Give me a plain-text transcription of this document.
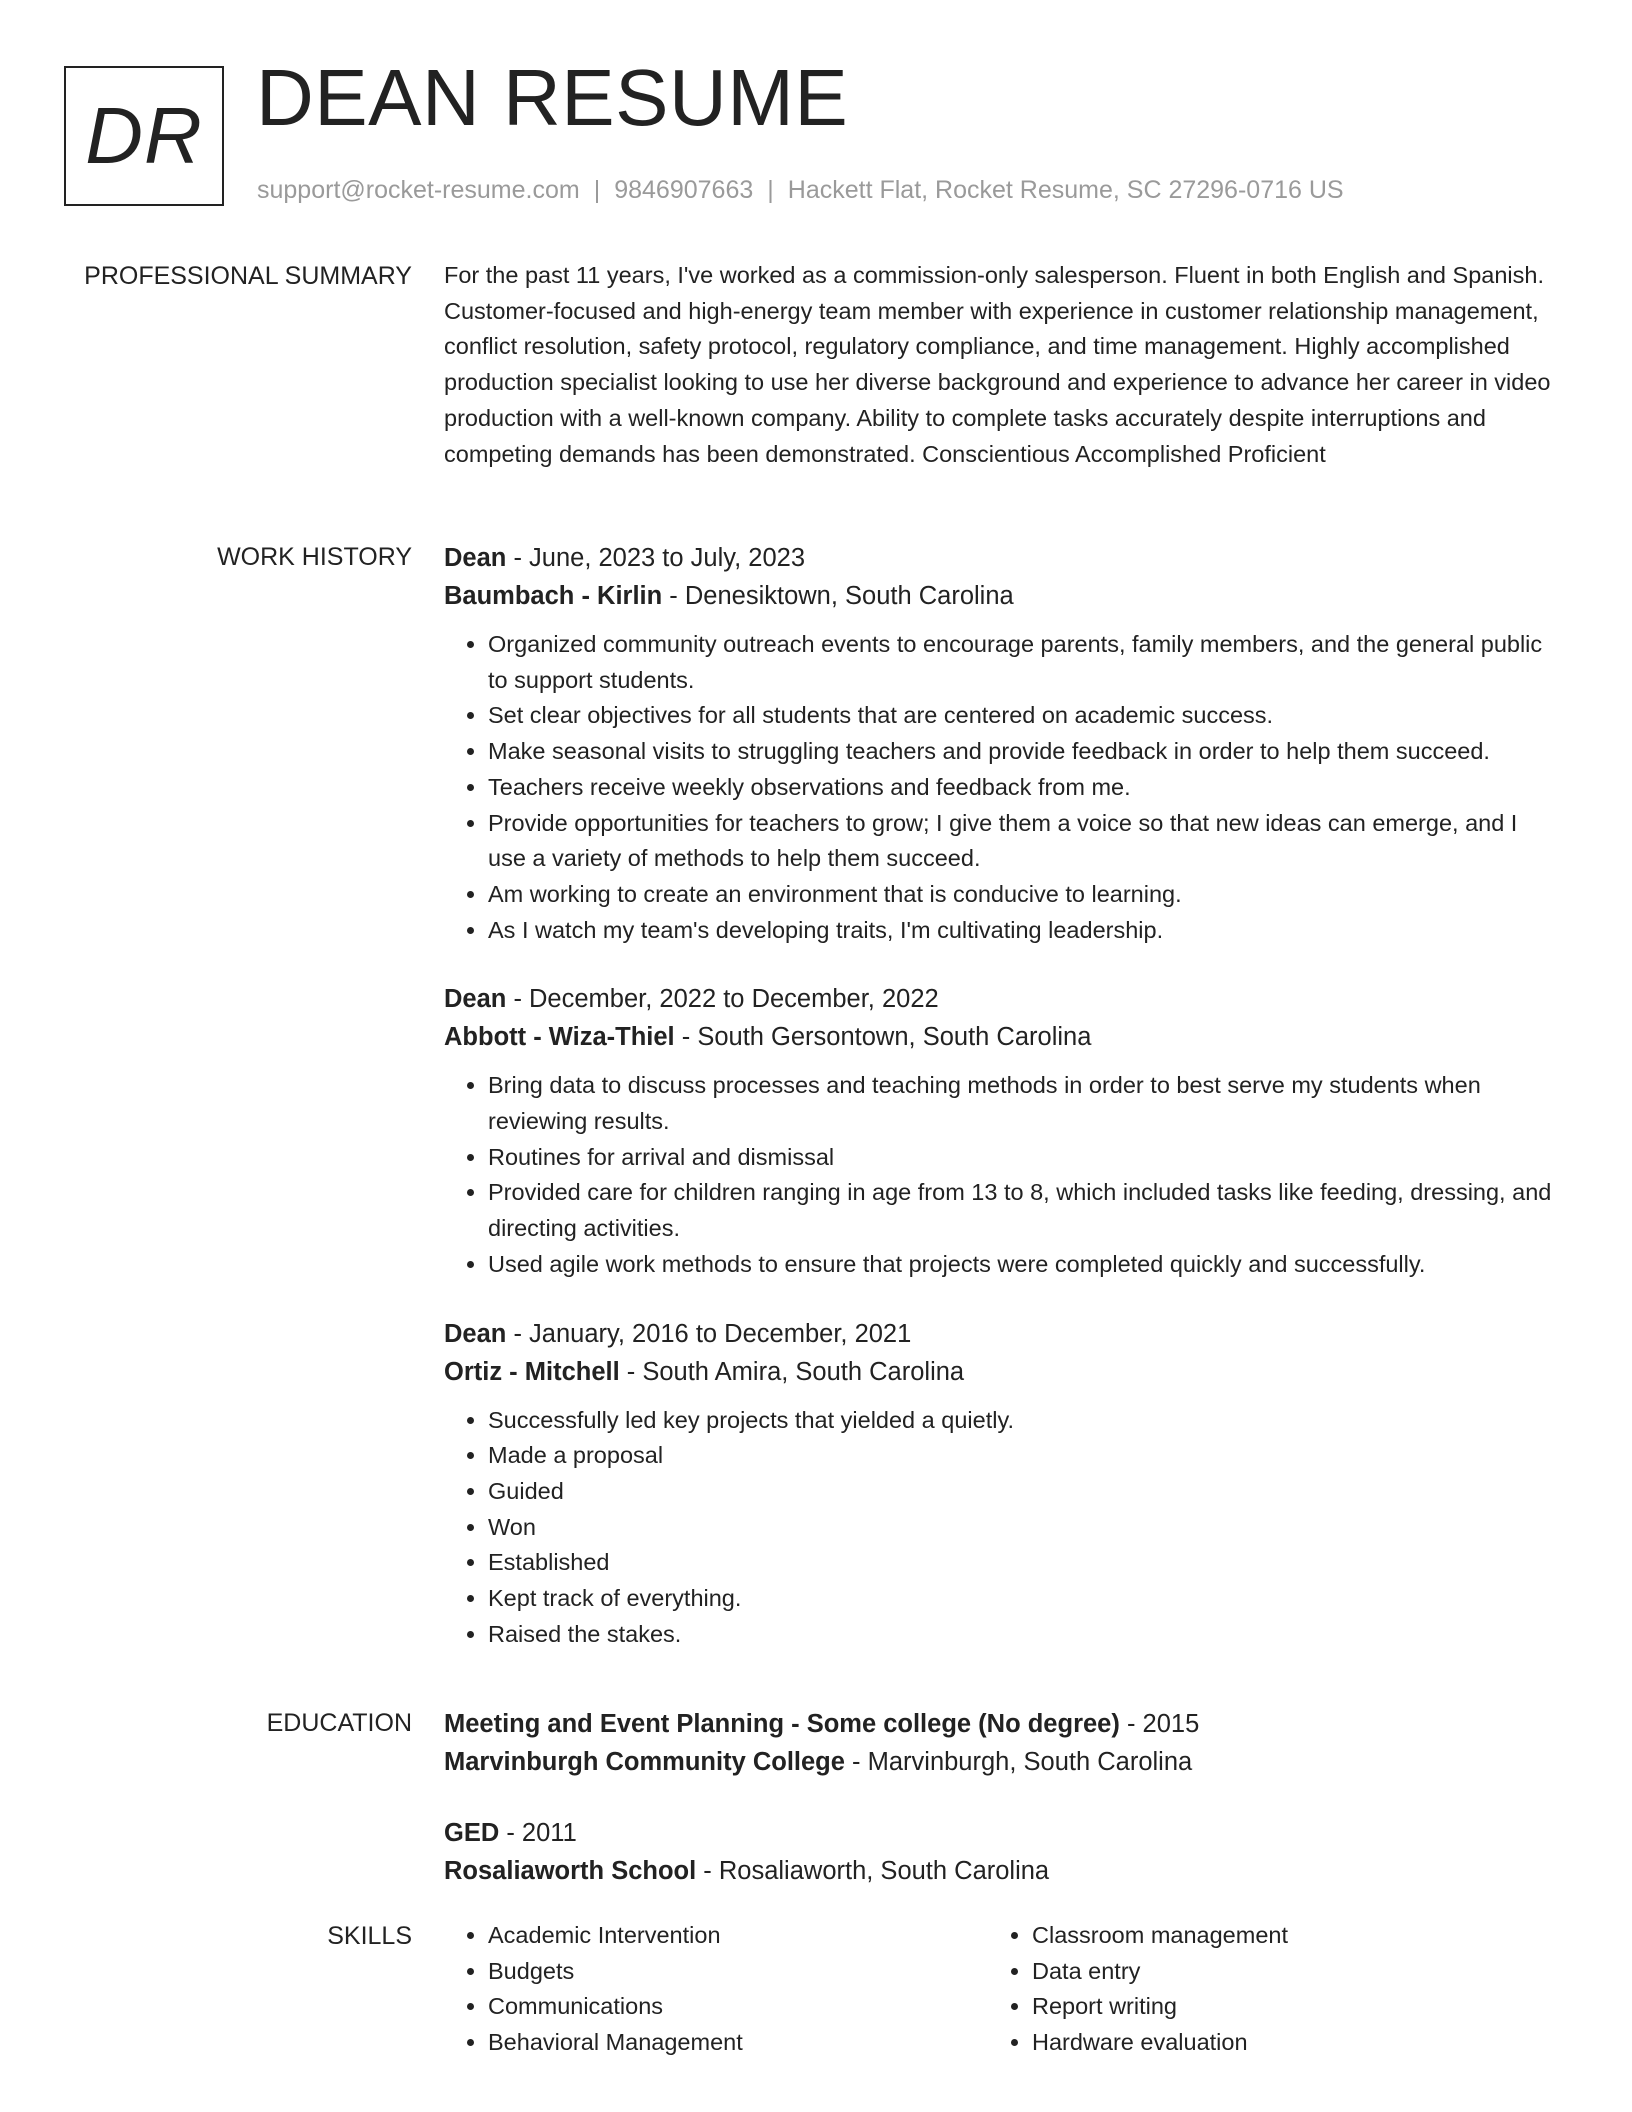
DR DEAN RESUME
support@rocket-resume.com | 9846907663 | Hackett Flat, Rocket Resume, SC 27296-0716 US
PROFESSIONAL SUMMARY For the past 11 years, I've worked as a commission-only salesperson. Fluent in both English and Spanish. Customer-focused and high-energy team member with experience in customer relationship management, conflict resolution, safety protocol, regulatory compliance, and time management. Highly accomplished production specialist looking to use her diverse background and experience to advance her career in video production with a well-known company. Ability to complete tasks accurately despite interruptions and competing demands has been demonstrated. Conscientious Accomplished Proficient

WORK HISTORY Dean - June, 2023 to July, 2023

Baumbach - Kirlin - Denesiktown, South Carolina

• Organized community outreach events to encourage parents, family members, and the general public to support students.
• Set clear objectives for all students that are centered on academic success.
• Make seasonal visits to struggling teachers and provide feedback in order to help them succeed.
• Teachers receive weekly observations and feedback from me.
• Provide opportunities for teachers to grow; I give them a voice so that new ideas can emerge, and I use a variety of methods to help them succeed.
• Am working to create an environment that is conducive to learning.
• As I watch my team's developing traits, I'm cultivating leadership.

Dean - December, 2022 to December, 2022

Abbott - Wiza-Thiel - South Gersontown, South Carolina

• Bring data to discuss processes and teaching methods in order to best serve my students when reviewing results.
• Routines for arrival and dismissal
• Provided care for children ranging in age from 13 to 8, which included tasks like feeding, dressing, and directing activities.
• Used agile work methods to ensure that projects were completed quickly and successfully.

Dean - January, 2016 to December, 2021

Ortiz - Mitchell - South Amira, South Carolina

• Successfully led key projects that yielded a quietly.
• Made a proposal
• Guided
• Won
• Established
• Kept track of everything.
• Raised the stakes.
EDUCATION Meeting and Event Planning - Some college (No degree) - 2015

Marvinburgh Community College - Marvinburgh, South Carolina

GED - 2011

Rosaliaworth School - Rosaliaworth, South Carolina

SKILLS
•	Academic Intervention
• Budgets
• Communications
• Behavioral Management
• Classroom management
• Data entry
• Report writing
• Hardware evaluation
